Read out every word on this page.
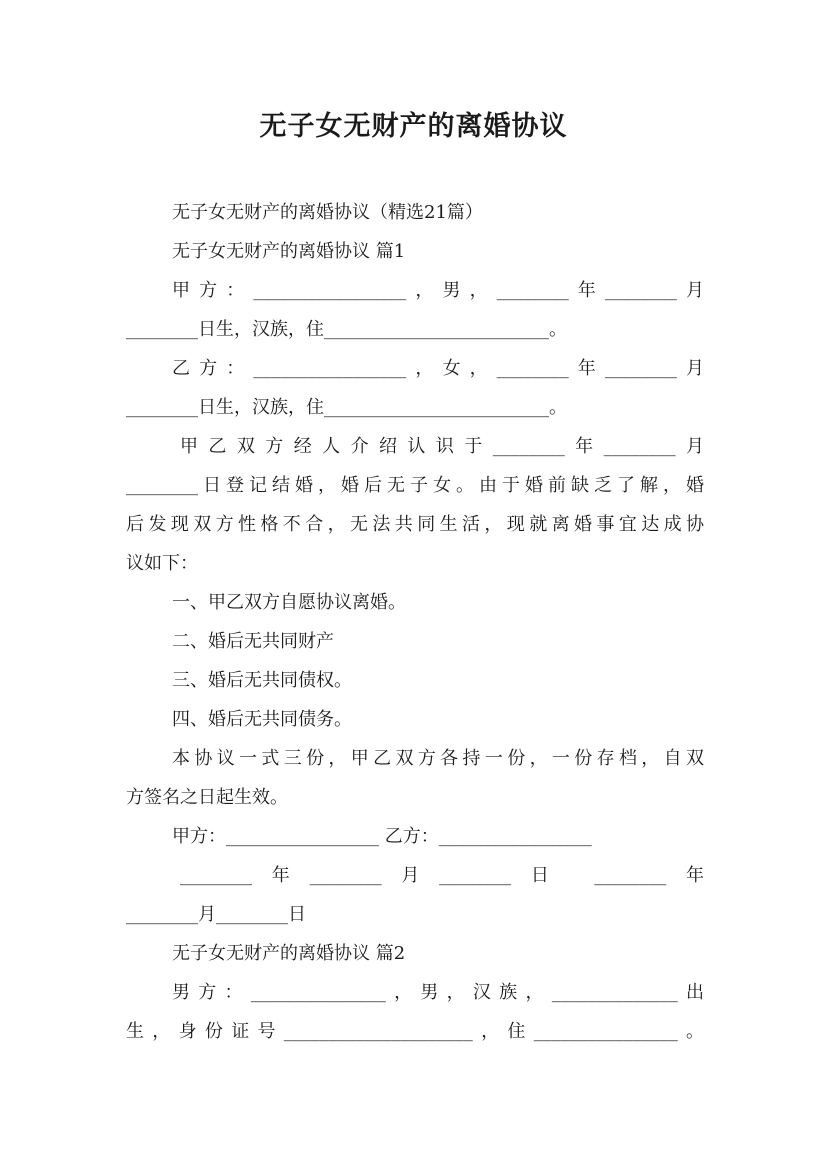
无子女无财产的离婚协议
无子女无财产的离婚协议（精选21篇）
无子女无财产的离婚协议 篇1
甲方：_________________，男，________年________月
________日生，汉族，住_________________________。
乙方：_________________，女，________年________月
________日生，汉族，住_________________________。
甲乙双方经人介绍认识于________年________月
________日登记结婚，婚后无子女。由于婚前缺乏了解，婚
后发现双方性格不合，无法共同生活，现就离婚事宜达成协
议如下：
一、甲乙双方自愿协议离婚。
二、婚后无共同财产
三、婚后无共同债权。
四、婚后无共同债务。
本协议一式三份，甲乙双方各持一份，一份存档，自双
方签名之日起生效。
甲方：_________________ 乙方：_________________
________年________月________日 ________年
________月________日
无子女无财产的离婚协议 篇2
男方：_______________，男，汉族，______________出
生，身份证号_____________________，住________________。
